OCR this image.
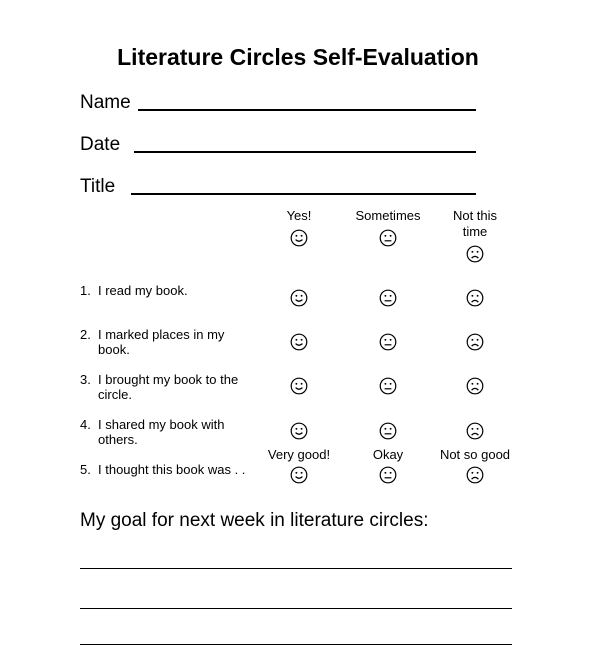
Literature Circles Self-Evaluation
Name
Date
Title
Yes!	Sometimes	Not this time
1. I read my book.
2. I marked places in my book.
3. I brought my book to the circle.
4. I shared my book with others.
5. I thought this book was . .
Very good!	Okay	Not so good
My goal for next week in literature circles:
